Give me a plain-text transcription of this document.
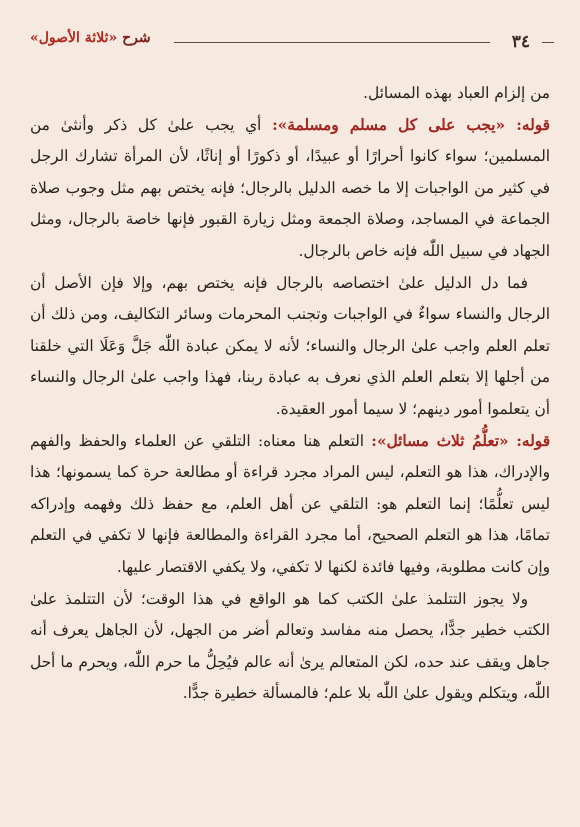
٣٤
شرح «ثلاثة الأصول»

من إلزام العباد بهذه المسائل.

قوله: «يجب على كل مسلم ومسلمة»: أي يجب علىٰ كل ذكر وأنثىٰ من المسلمين؛ سواء كانوا أحرارًا أو عبيدًا، أو ذكورًا أو إناثًا، لأن المرأة تشارك الرجل في كثير من الواجبات إلا ما خصه الدليل بالرجال؛ فإنه يختص بهم مثل وجوب صلاة الجماعة في المساجد، وصلاة الجمعة ومثل زيارة القبور فإنها خاصة بالرجال، ومثل الجهاد في سبيل اللّٰه فإنه خاص بالرجال.

فما دل الدليل علىٰ اختصاصه بالرجال فإنه يختص بهم، وإلا فإن الأصل أن الرجال والنساء سواءٌ في الواجبات وتجنب المحرمات وسائر التكاليف، ومن ذلك أن تعلم العلم واجب علىٰ الرجال والنساء؛ لأنه لا يمكن عبادة اللّٰه جَلَّ وَعَلَا التي خلقنا من أجلها إلا بتعلم العلم الذي نعرف به عبادة ربنا، فهذا واجب علىٰ الرجال والنساء أن يتعلموا أمور دينهم؛ لا سيما أمور العقيدة.

قوله: «تعلُّمُ ثلاث مسائل»: التعلم هنا معناه: التلقي عن العلماء والحفظ والفهم والإدراك، هذا هو التعلم، ليس المراد مجرد قراءة أو مطالعة حرة كما يسمونها؛ هذا ليس تعلُّمًا؛ إنما التعلم هو: التلقي عن أهل العلم، مع حفظ ذلك وفهمه وإدراكه تمامًا، هذا هو التعلم الصحيح، أما مجرد القراءة والمطالعة فإنها لا تكفي في التعلم وإن كانت مطلوبة، وفيها فائدة لكنها لا تكفي، ولا يكفي الاقتصار عليها.

ولا يجوز التتلمذ علىٰ الكتب كما هو الواقع في هذا الوقت؛ لأن التتلمذ علىٰ الكتب خطير جدًّا، يحصل منه مفاسد وتعالم أضر من الجهل، لأن الجاهل يعرف أنه جاهل ويقف عند حده، لكن المتعالم يرىٰ أنه عالم فيُحِلُّ ما حرم اللّٰه، ويحرم ما أحل اللّٰه، ويتكلم ويقول علىٰ اللّٰه بلا علم؛ فالمسألة خطيرة جدًّا.
